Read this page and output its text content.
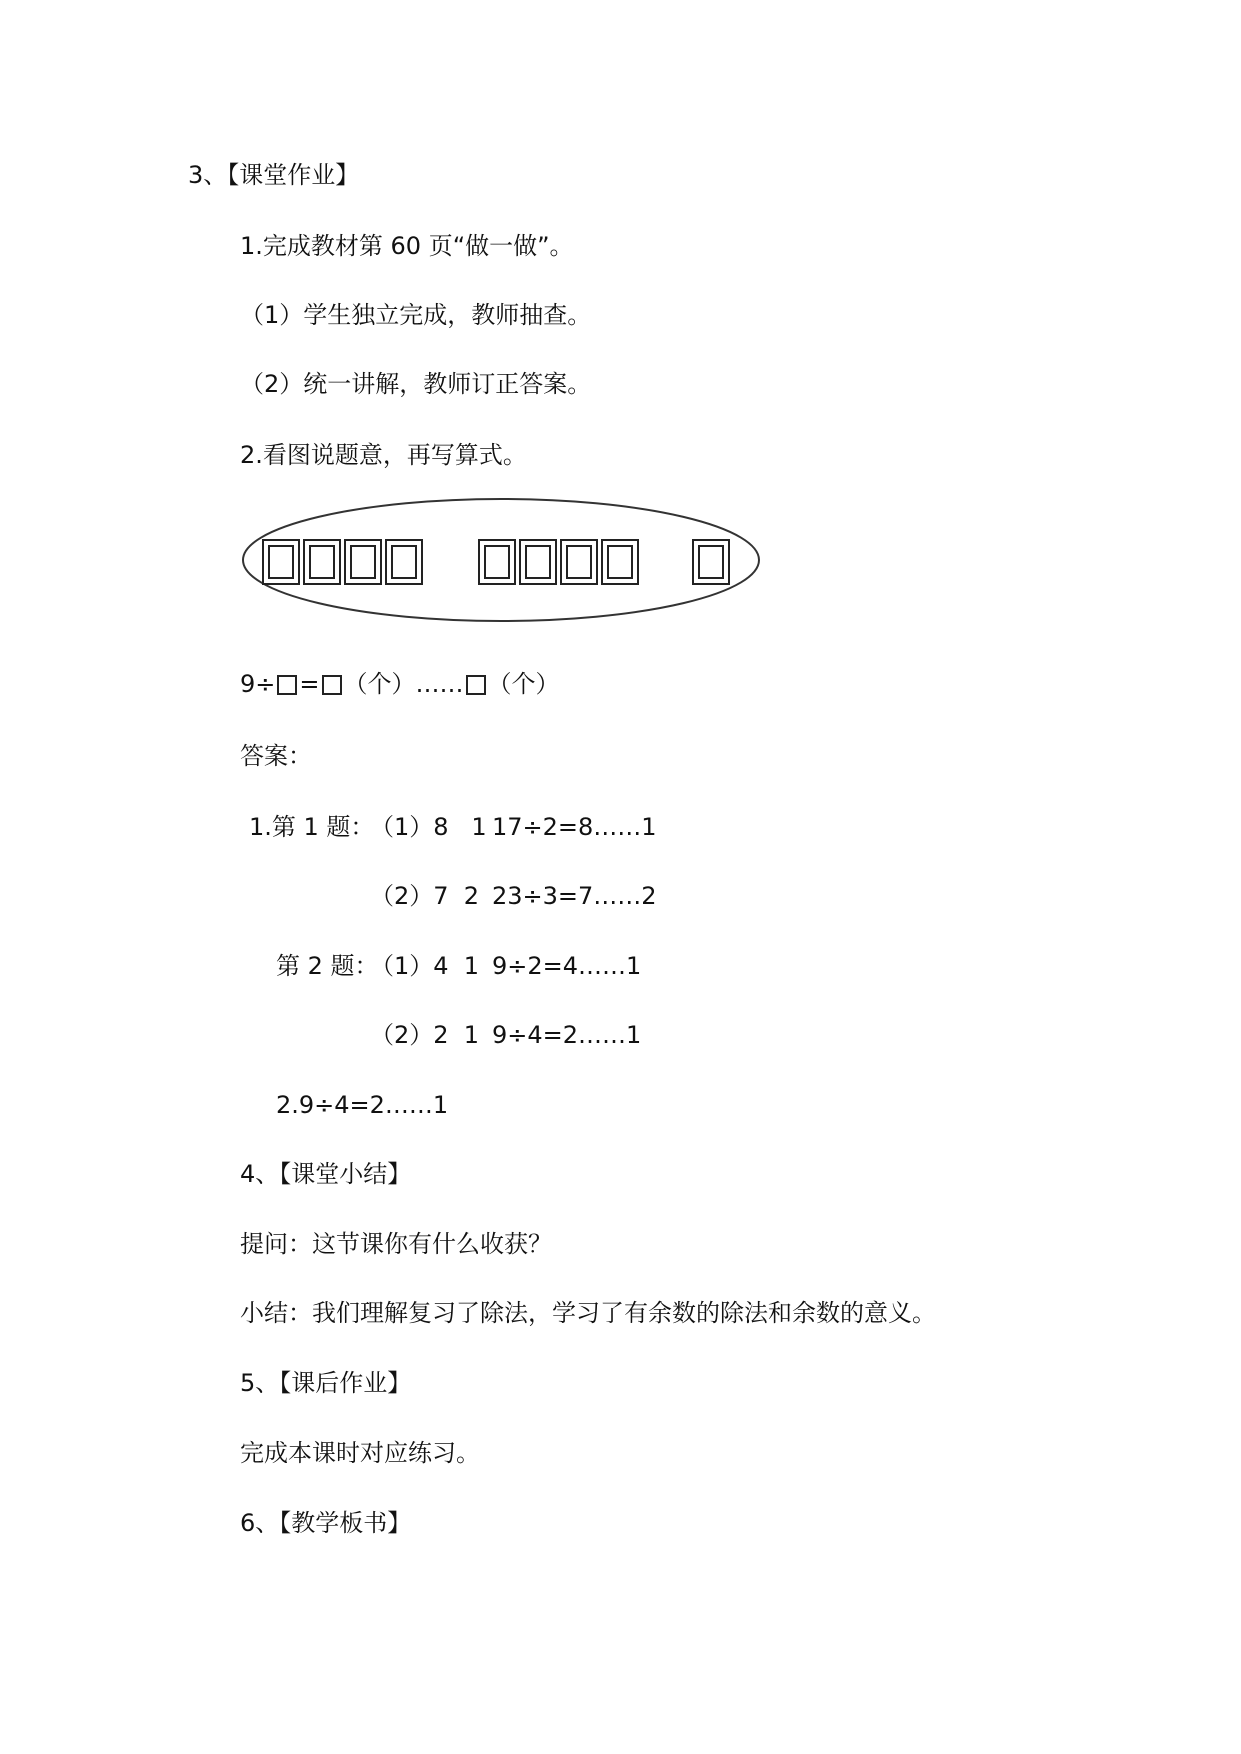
3、【课堂作业】
1.完成教材第 60 页“做一做”。
（1）学生独立完成，教师抽查。
（2）统一讲解，教师订正答案。
2.看图说题意，再写算式。
9÷ = （个）…… （个）
答案：
1.第 1 题：
（1）8   1 17÷2=8……1
（2）7  2 23÷3=7……2
第 2 题：
（1）4  1 9÷2=4……1
（2）2  1 9÷4=2……1
2.9÷4=2……1
4、【课堂小结】
提问：这节课你有什么收获？
小结：我们理解复习了除法，学习了有余数的除法和余数的意义。
5、【课后作业】
完成本课时对应练习。
6、【教学板书】
